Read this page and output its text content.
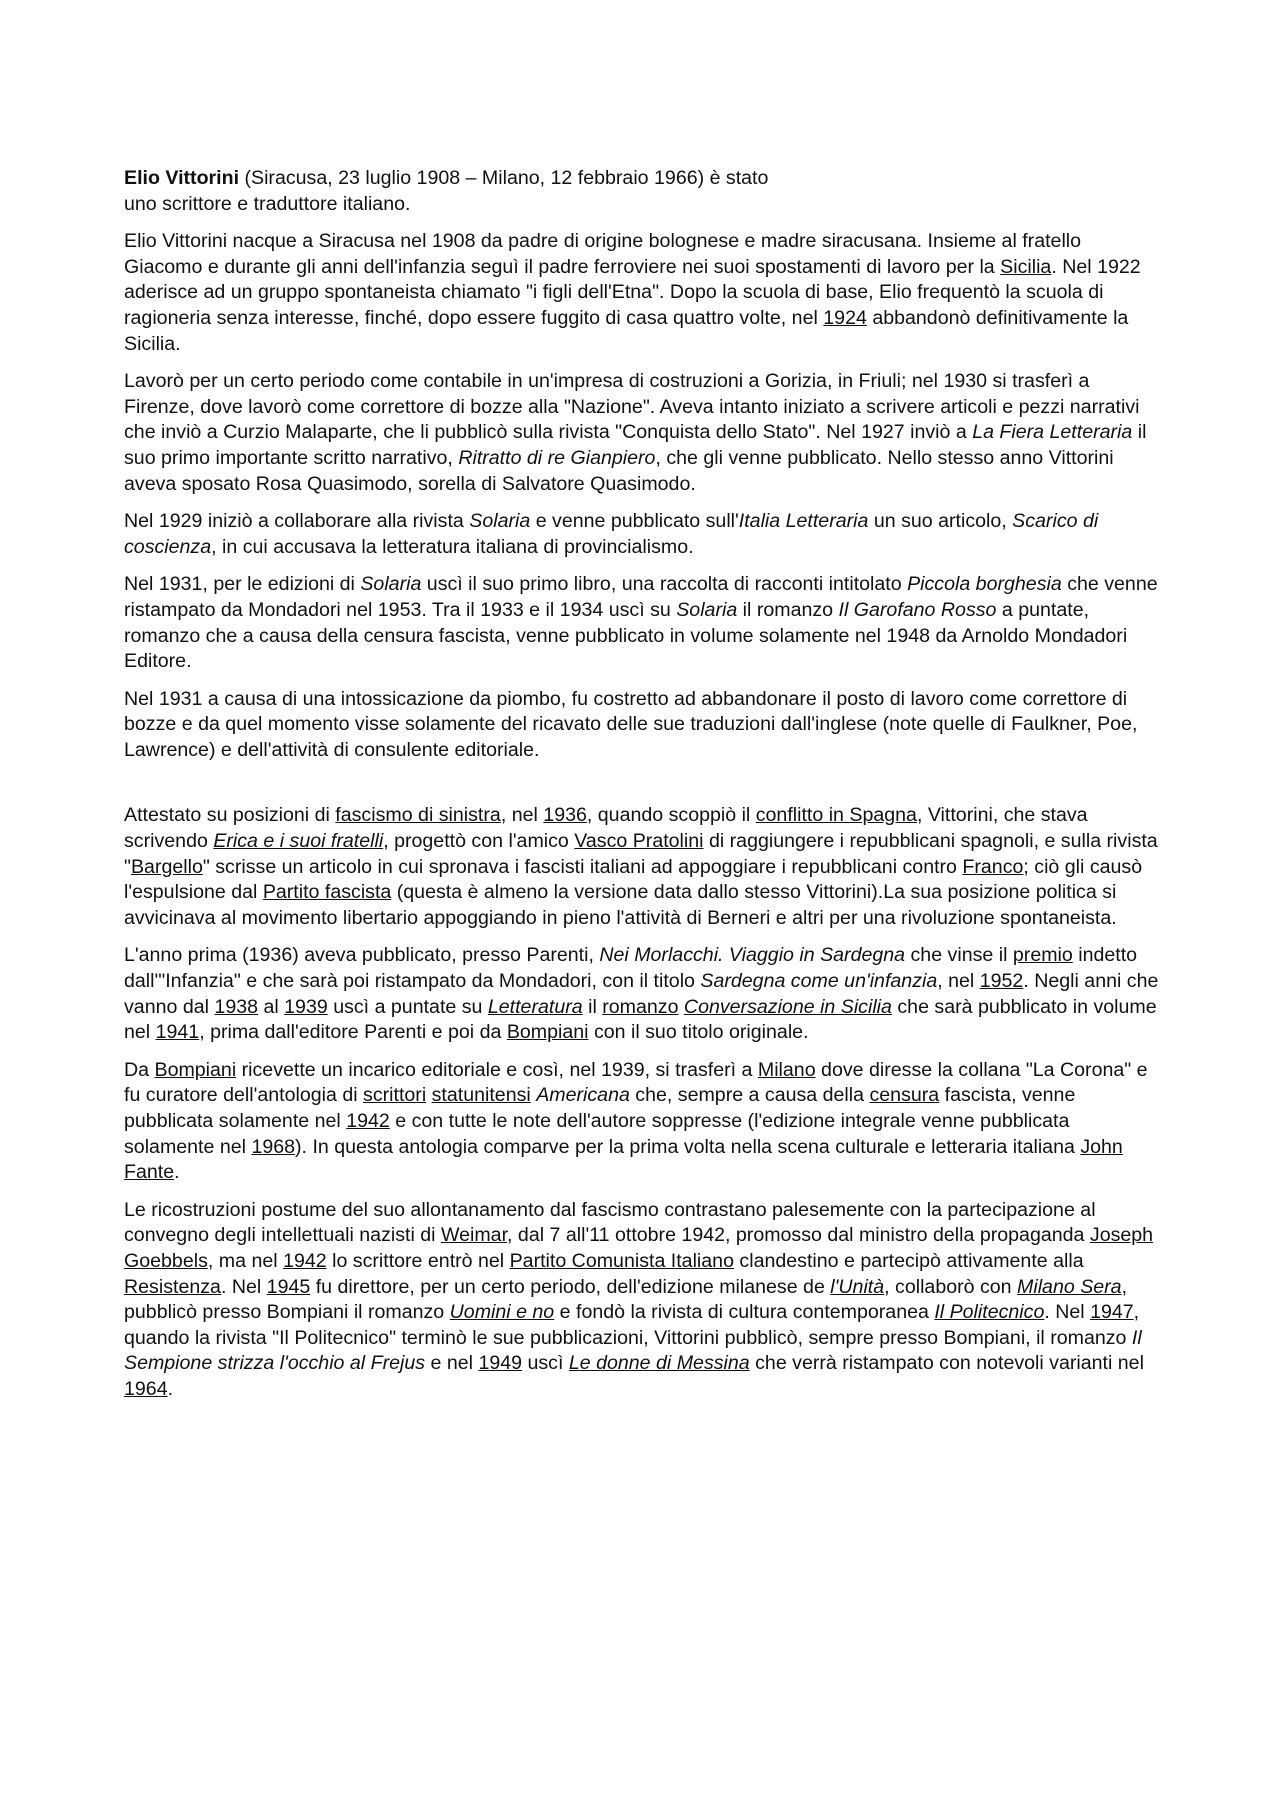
Elio Vittorini (Siracusa, 23 luglio 1908 – Milano, 12 febbraio 1966) è stato
uno scrittore e traduttore italiano.

Elio Vittorini nacque a Siracusa nel 1908 da padre di origine bolognese e madre siracusana. Insieme al fratello Giacomo e durante gli anni dell'infanzia seguì il padre ferroviere nei suoi spostamenti di lavoro per la Sicilia. Nel 1922 aderisce ad un gruppo spontaneista chiamato "i figli dell'Etna". Dopo la scuola di base, Elio frequentò la scuola di ragioneria senza interesse, finché, dopo essere fuggito di casa quattro volte, nel 1924 abbandonò definitivamente la Sicilia.

Lavorò per un certo periodo come contabile in un'impresa di costruzioni a Gorizia, in Friuli; nel 1930 si trasferì a Firenze, dove lavorò come correttore di bozze alla "Nazione". Aveva intanto iniziato a scrivere articoli e pezzi narrativi che inviò a Curzio Malaparte, che li pubblicò sulla rivista "Conquista dello Stato". Nel 1927 inviò a La Fiera Letteraria il suo primo importante scritto narrativo, Ritratto di re Gianpiero, che gli venne pubblicato. Nello stesso anno Vittorini aveva sposato Rosa Quasimodo, sorella di Salvatore Quasimodo.

Nel 1929 iniziò a collaborare alla rivista Solaria e venne pubblicato sull'Italia Letteraria un suo articolo, Scarico di coscienza, in cui accusava la letteratura italiana di provincialismo.

Nel 1931, per le edizioni di Solaria uscì il suo primo libro, una raccolta di racconti intitolato Piccola borghesia che venne ristampato da Mondadori nel 1953. Tra il 1933 e il 1934 uscì su Solaria il romanzo Il Garofano Rosso a puntate, romanzo che a causa della censura fascista, venne pubblicato in volume solamente nel 1948 da Arnoldo Mondadori Editore.

Nel 1931 a causa di una intossicazione da piombo, fu costretto ad abbandonare il posto di lavoro come correttore di bozze e da quel momento visse solamente del ricavato delle sue traduzioni dall'inglese (note quelle di Faulkner, Poe, Lawrence) e dell'attività di consulente editoriale.

Attestato su posizioni di fascismo di sinistra, nel 1936, quando scoppiò il conflitto in Spagna, Vittorini, che stava scrivendo Erica e i suoi fratelli, progettò con l'amico Vasco Pratolini di raggiungere i repubblicani spagnoli, e sulla rivista "Bargello" scrisse un articolo in cui spronava i fascisti italiani ad appoggiare i repubblicani contro Franco; ciò gli causò l'espulsione dal Partito fascista (questa è almeno la versione data dallo stesso Vittorini).La sua posizione politica si avvicinava al movimento libertario appoggiando in pieno l'attività di Berneri e altri per una rivoluzione spontaneista.

L'anno prima (1936) aveva pubblicato, presso Parenti, Nei Morlacchi. Viaggio in Sardegna che vinse il premio indetto dall'"Infanzia" e che sarà poi ristampato da Mondadori, con il titolo Sardegna come un'infanzia, nel 1952. Negli anni che vanno dal 1938 al 1939 uscì a puntate su Letteratura il romanzo Conversazione in Sicilia che sarà pubblicato in volume nel 1941, prima dall'editore Parenti e poi da Bompiani con il suo titolo originale.

Da Bompiani ricevette un incarico editoriale e così, nel 1939, si trasferì a Milano dove diresse la collana "La Corona" e fu curatore dell'antologia di scrittori statunitensi Americana che, sempre a causa della censura fascista, venne pubblicata solamente nel 1942 e con tutte le note dell'autore soppresse (l'edizione integrale venne pubblicata solamente nel 1968). In questa antologia comparve per la prima volta nella scena culturale e letteraria italiana John Fante.

Le ricostruzioni postume del suo allontanamento dal fascismo contrastano palesemente con la partecipazione al convegno degli intellettuali nazisti di Weimar, dal 7 all'11 ottobre 1942, promosso dal ministro della propaganda Joseph Goebbels, ma nel 1942 lo scrittore entrò nel Partito Comunista Italiano clandestino e partecipò attivamente alla Resistenza. Nel 1945 fu direttore, per un certo periodo, dell'edizione milanese de l'Unità, collaborò con Milano Sera, pubblicò presso Bompiani il romanzo Uomini e no e fondò la rivista di cultura contemporanea Il Politecnico. Nel 1947, quando la rivista "Il Politecnico" terminò le sue pubblicazioni, Vittorini pubblicò, sempre presso Bompiani, il romanzo Il Sempione strizza l'occhio al Frejus e nel 1949 uscì Le donne di Messina che verrà ristampato con notevoli varianti nel 1964.
